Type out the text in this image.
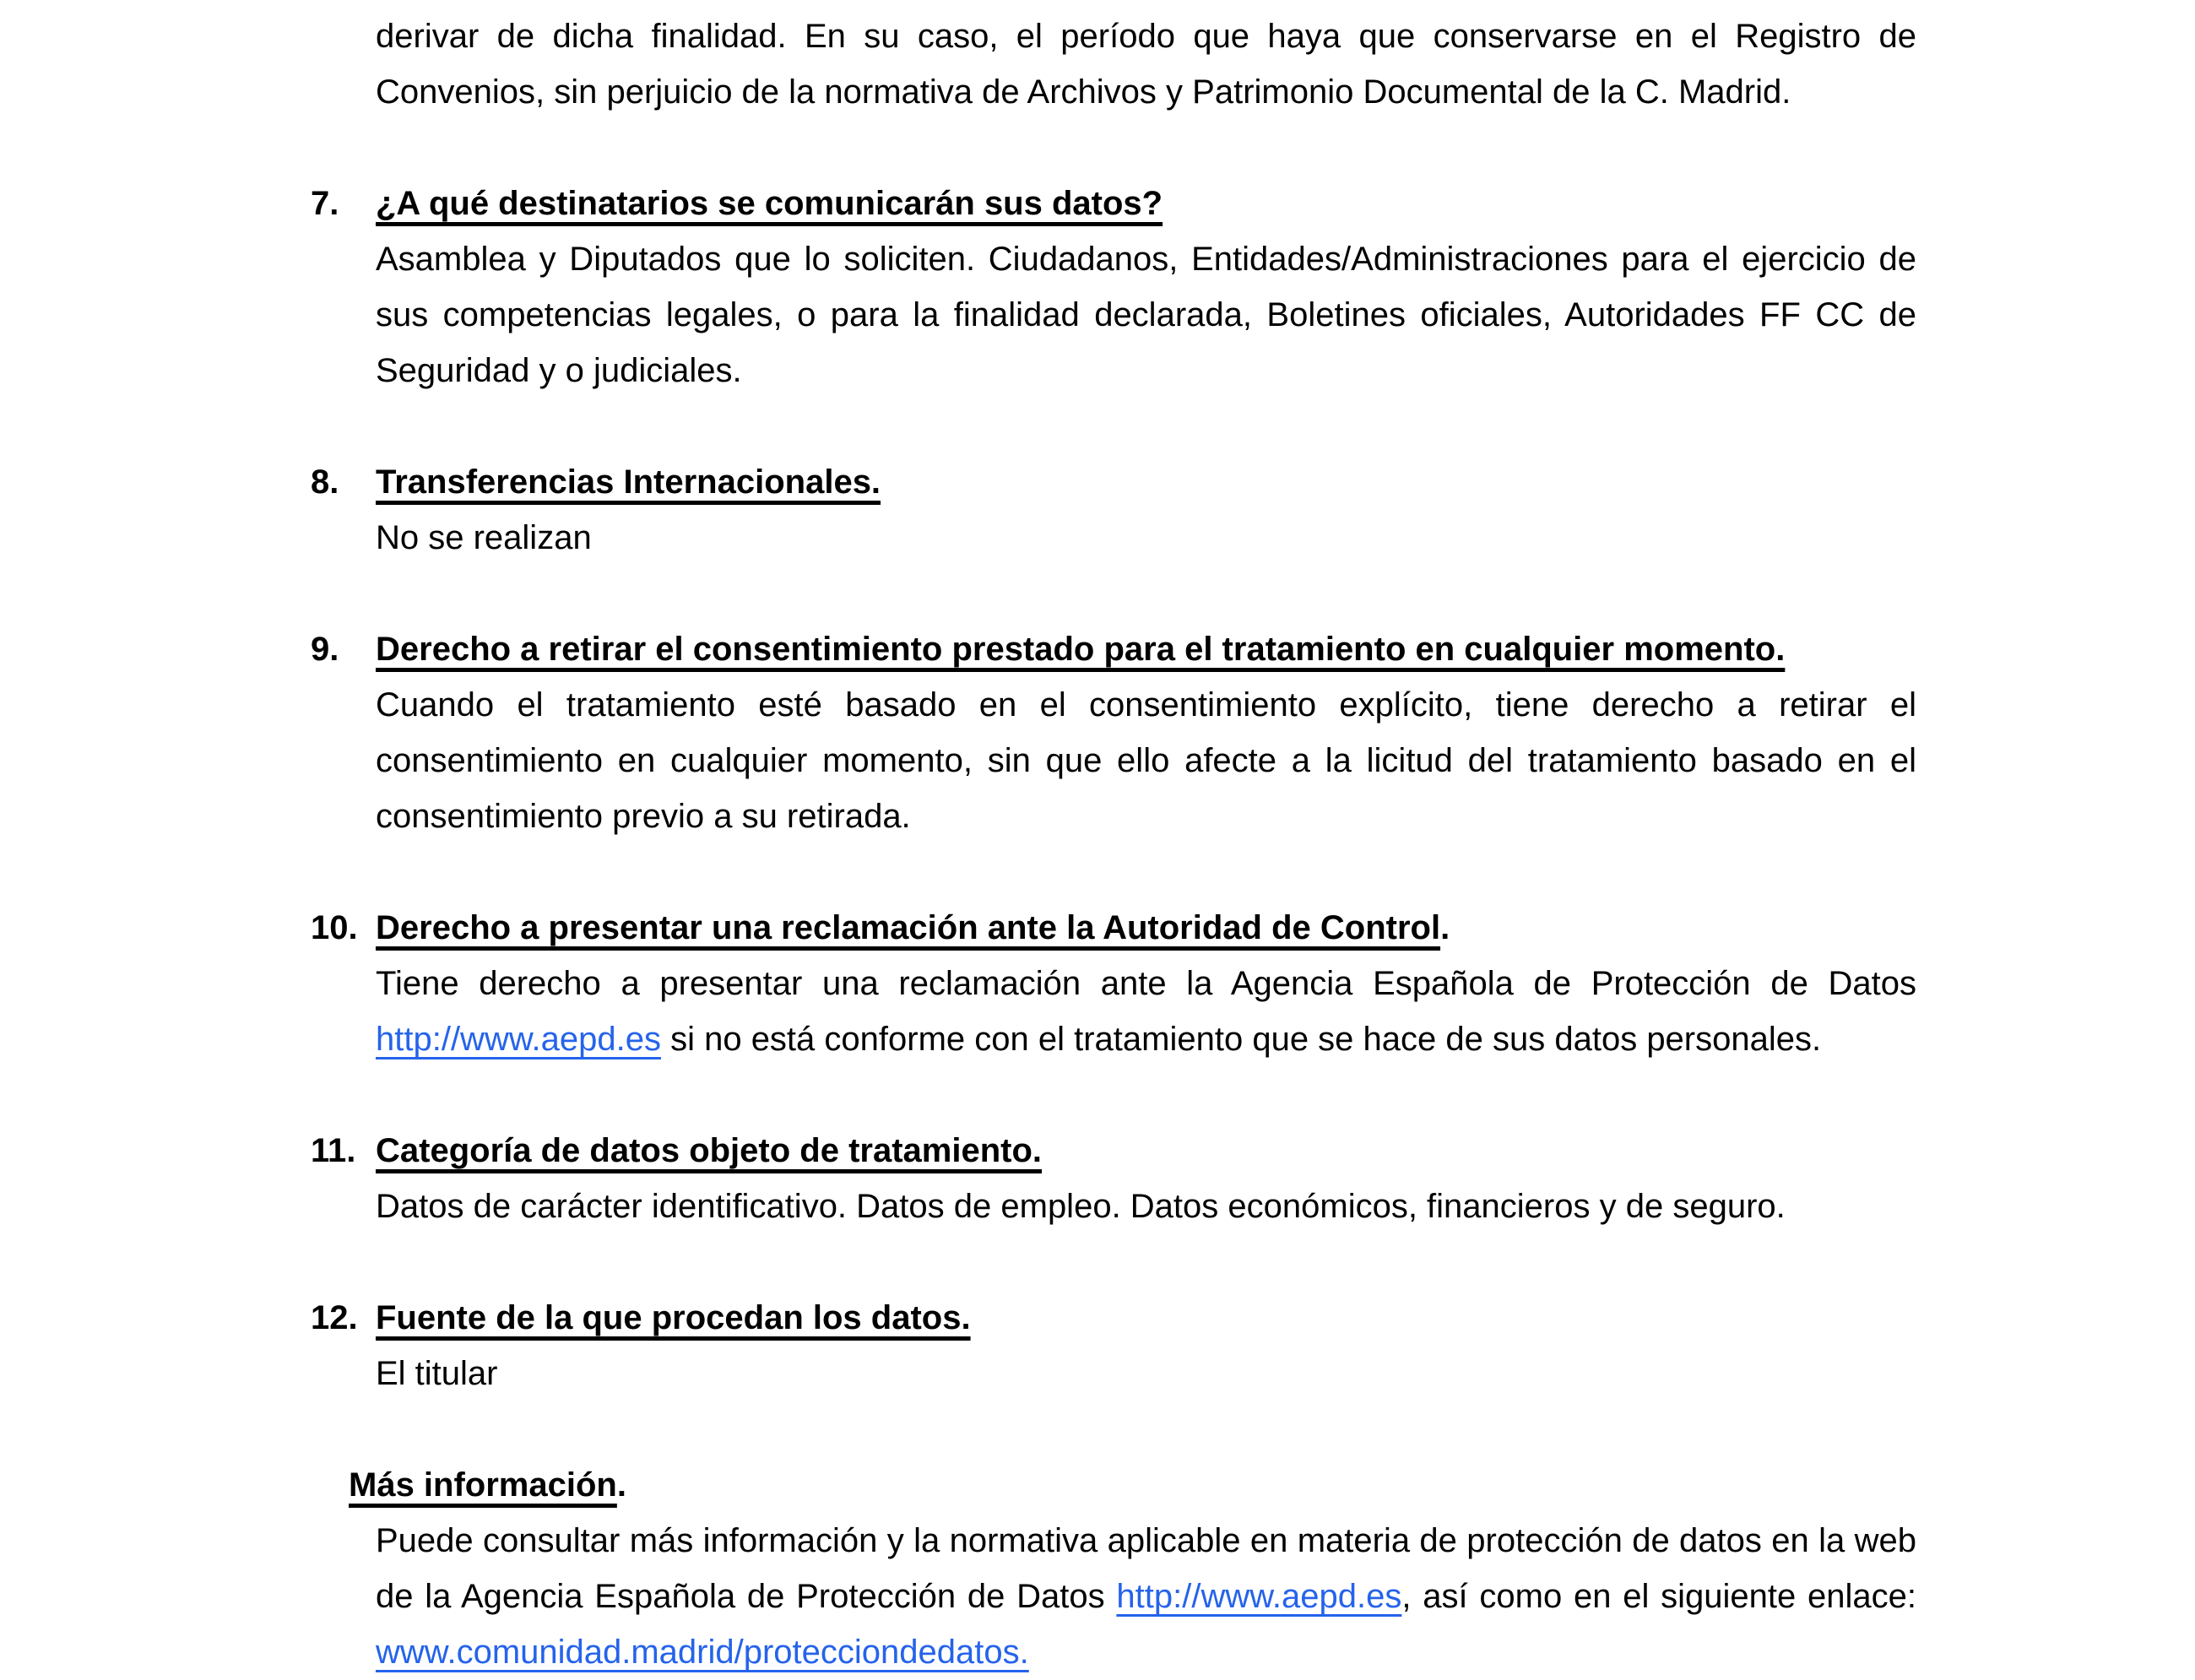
derivar de dicha finalidad. En su caso, el período que haya que conservarse en el Registro de Convenios, sin perjuicio de la normativa de Archivos y Patrimonio Documental de la C. Madrid.

7.	¿A qué destinatarios se comunicarán sus datos?

Asamblea y Diputados que lo soliciten. Ciudadanos, Entidades/Administraciones para el ejercicio de sus competencias legales, o para la finalidad declarada, Boletines oficiales, Autoridades FF CC de Seguridad y o judiciales.

8.	Transferencias Internacionales.

No se realizan

9.	Derecho a retirar el consentimiento prestado para el tratamiento en cualquier momento.

Cuando el tratamiento esté basado en el consentimiento explícito, tiene derecho a retirar el consentimiento en cualquier momento, sin que ello afecte a la licitud del tratamiento basado en el consentimiento previo a su retirada.

10. Derecho a presentar una reclamación ante la Autoridad de Control.

Tiene derecho a presentar una reclamación ante la Agencia Española de Protección de Datos http://www.aepd.es si no está conforme con el tratamiento que se hace de sus datos personales.

11. Categoría de datos objeto de tratamiento.

Datos de carácter identificativo. Datos de empleo. Datos económicos, financieros y de seguro.

12. Fuente de la que procedan los datos.

El titular

Más información.

Puede consultar más información y la normativa aplicable en materia de protección de datos en la web de la Agencia Española de Protección de Datos http://www.aepd.es, así como en el siguiente enlace: www.comunidad.madrid/protecciondedatos.
